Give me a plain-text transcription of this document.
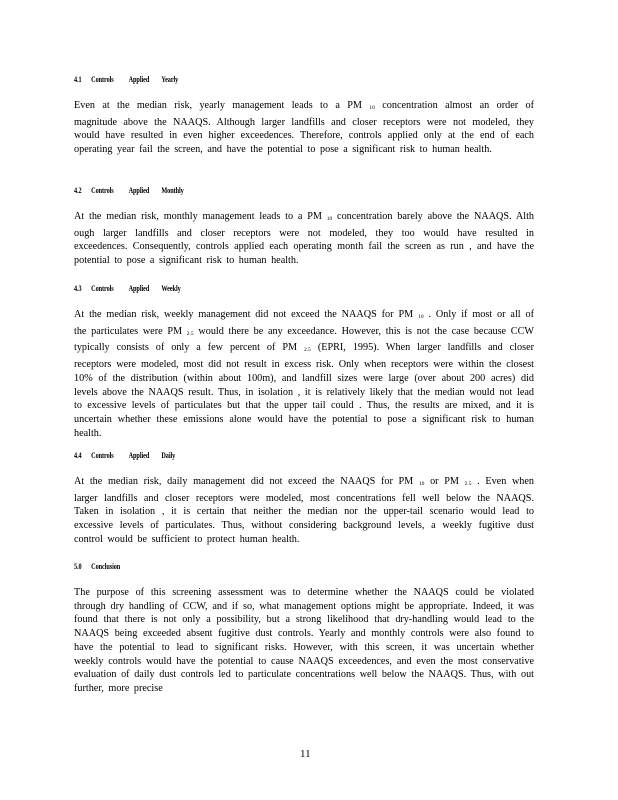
4.1 Controls Applied Yearly
Even at the median risk, yearly management leads to a PM 10 concentration almost an order of magnitude above the NAAQS. Although larger landfills and closer receptors were not modeled, they would have resulted in even higher exceedences. Therefore, controls applied only at the end of each operating year fail the screen, and have the potential to pose a significant risk to human health.
4.2 Controls Applied Monthly
At the median risk, monthly management leads to a PM 10 concentration barely above the NAAQS. Alth ough larger landfills and closer receptors were not modeled, they too would have resulted in exceedences. Consequently, controls applied each operating month fail the screen as run , and have the potential to pose a significant risk to human health.
4.3 Controls Applied Weekly
At the median risk, weekly management did not exceed the NAAQS for PM 10 . Only if most or all of the particulates were PM 2.5 would there be any exceedance. However, this is not the case because CCW typically consists of only a few percent of PM 2.5 (EPRI, 1995). When larger landfills and closer receptors were modeled, most did not result in excess risk. Only when receptors were within the closest 10% of the distribution (within about 100m), and landfill sizes were large (over about 200 acres) did levels above the NAAQS result. Thus, in isolation , it is relatively likely that the median would not lead to excessive levels of particulates but that the upper tail could . Thus, the results are mixed, and it is uncertain whether these emissions alone would have the potential to pose a significant risk to human health.
4.4 Controls Applied Daily
At the median risk, daily management did not exceed the NAAQS for PM 10 or PM 2.5 . Even when larger landfills and closer receptors were modeled, most concentrations fell well below the NAAQS. Taken in isolation , it is certain that neither the median nor the upper-tail scenario would lead to excessive levels of particulates. Thus, without considering background levels, a weekly fugitive dust control would be sufficient to protect human health.
5.0 Conclusion
The purpose of this screening assessment was to determine whether the NAAQS could be violated through dry handling of CCW, and if so, what management options might be appropriate. Indeed, it was found that there is not only a possibility, but a strong likelihood that dry-handling would lead to the NAAQS being exceeded absent fugitive dust controls. Yearly and monthly controls were also found to have the potential to lead to significant risks. However, with this screen, it was uncertain whether weekly controls would have the potential to cause NAAQS exceedences, and even the most conservative evaluation of daily dust controls led to particulate concentrations well below the NAAQS. Thus, with out further, more precise
11
